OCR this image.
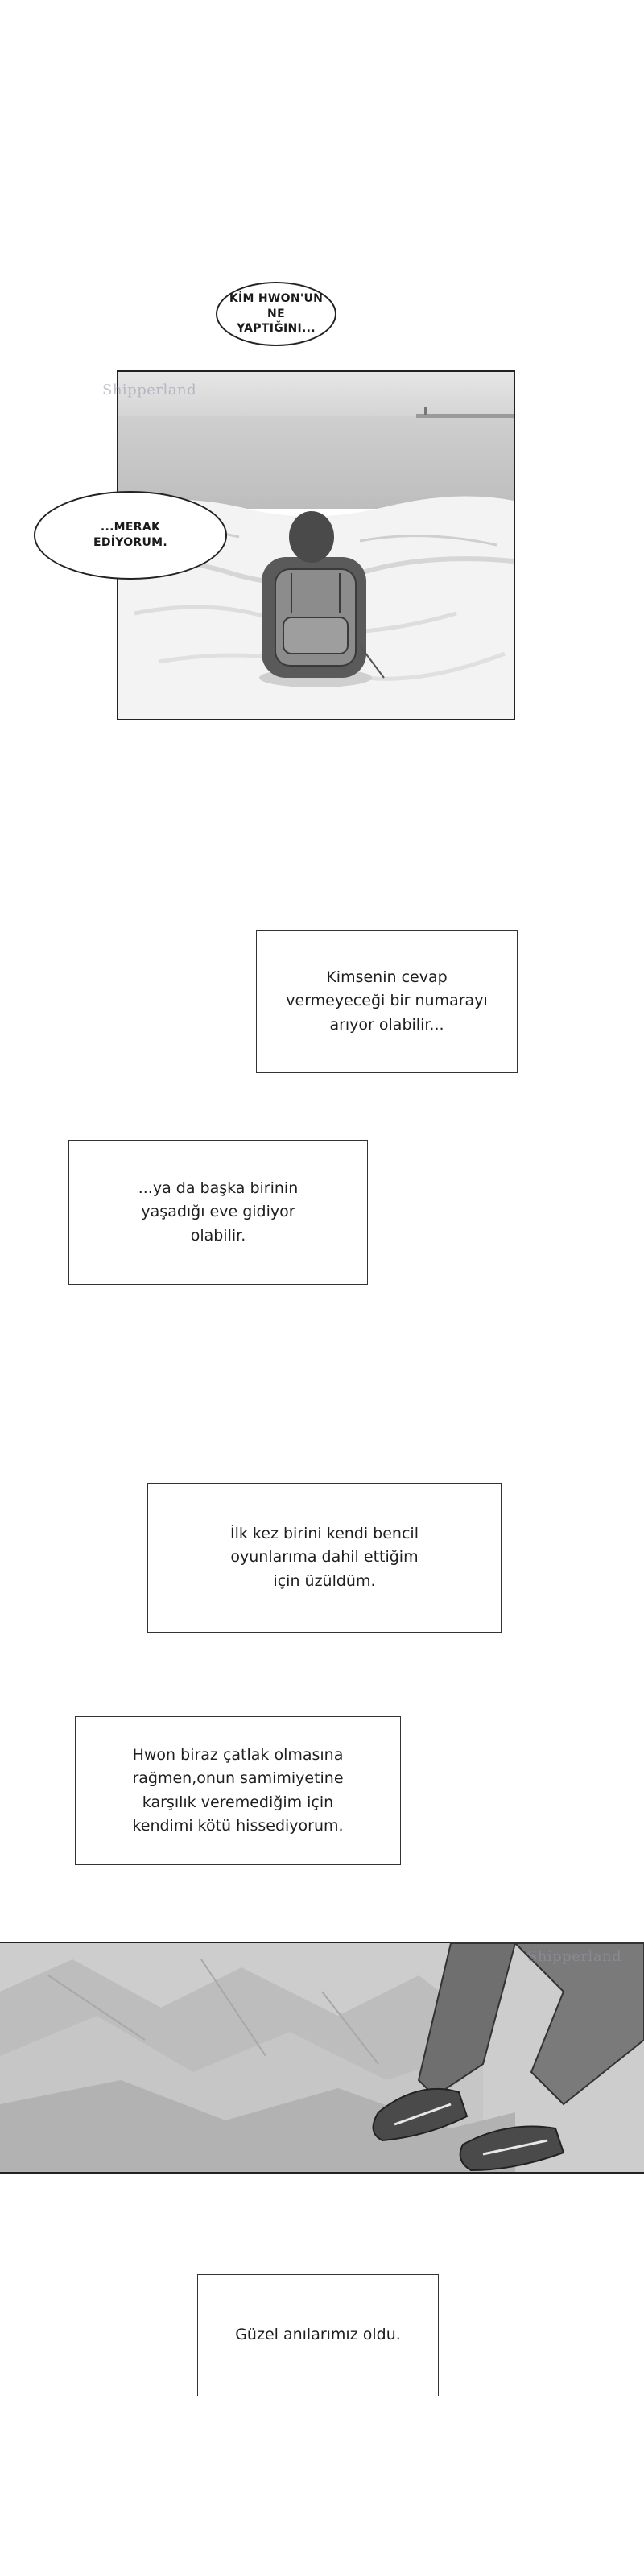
KİM HWON'UN
NE YAPTIĞINI...
Shipperland
...MERAK
EDİYORUM.
Kimsenin cevap
vermeyeceği bir numarayı
arıyor olabilir...
...ya da başka birinin
yaşadığı eve gidiyor
olabilir.
İlk kez birini kendi bencil
oyunlarıma dahil ettiğim
için üzüldüm.
Hwon biraz çatlak olmasına
rağmen,onun samimiyetine
karşılık veremediğim için
kendimi kötü hissediyorum.
Shipperland
Güzel anılarımız oldu.
